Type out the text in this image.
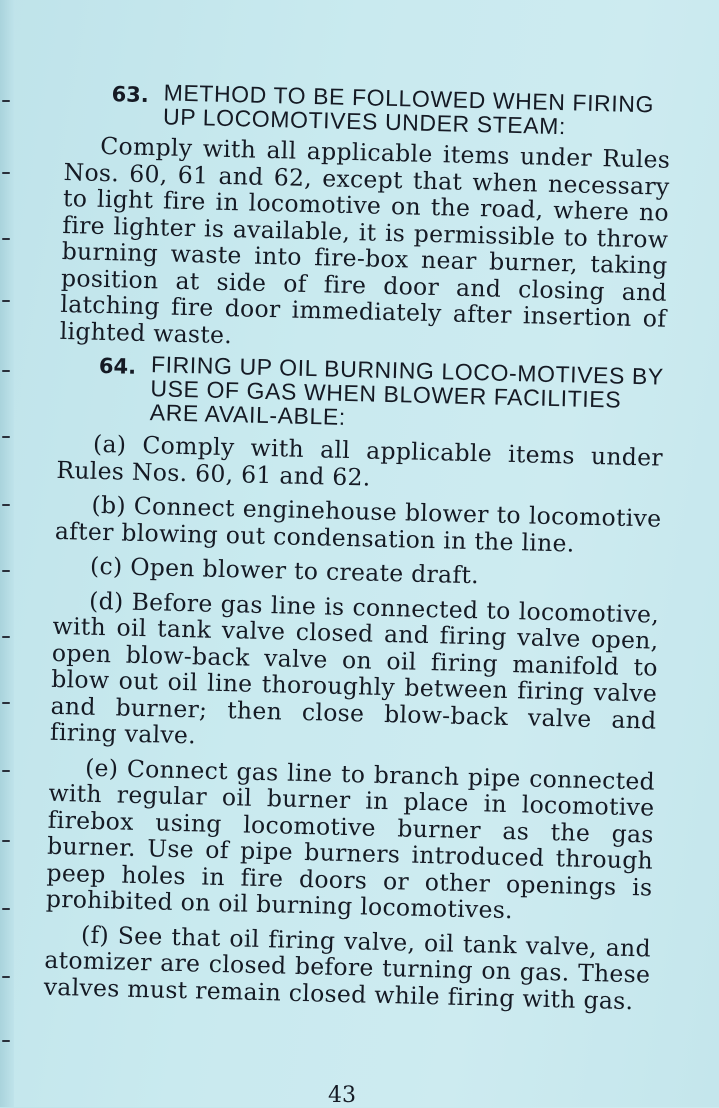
63. METHOD TO BE FOLLOWED WHEN FIRING UP LOCOMOTIVES UNDER STEAM:

Comply with all applicable items under Rules Nos. 60, 61 and 62, except that when necessary to light fire in locomotive on the road, where no fire lighter is available, it is permissible to throw burning waste into fire-box near burner, taking position at side of fire door and closing and latching fire door immediately after insertion of lighted waste.

64. FIRING UP OIL BURNING LOCO-MOTIVES BY USE OF GAS WHEN BLOWER FACILITIES ARE AVAIL-ABLE:

(a) Comply with all applicable items under Rules Nos. 60, 61 and 62.

(b) Connect enginehouse blower to locomotive after blowing out condensation in the line.

(c) Open blower to create draft.

(d) Before gas line is connected to locomotive, with oil tank valve closed and firing valve open, open blow-back valve on oil firing manifold to blow out oil line thoroughly between firing valve and burner; then close blow-back valve and firing valve.

(e) Connect gas line to branch pipe connected with regular oil burner in place in locomotive firebox using locomotive burner as the gas burner. Use of pipe burners introduced through peep holes in fire doors or other openings is prohibited on oil burning locomotives.

(f) See that oil firing valve, oil tank valve, and atomizer are closed before turning on gas. These valves must remain closed while firing with gas.

43
